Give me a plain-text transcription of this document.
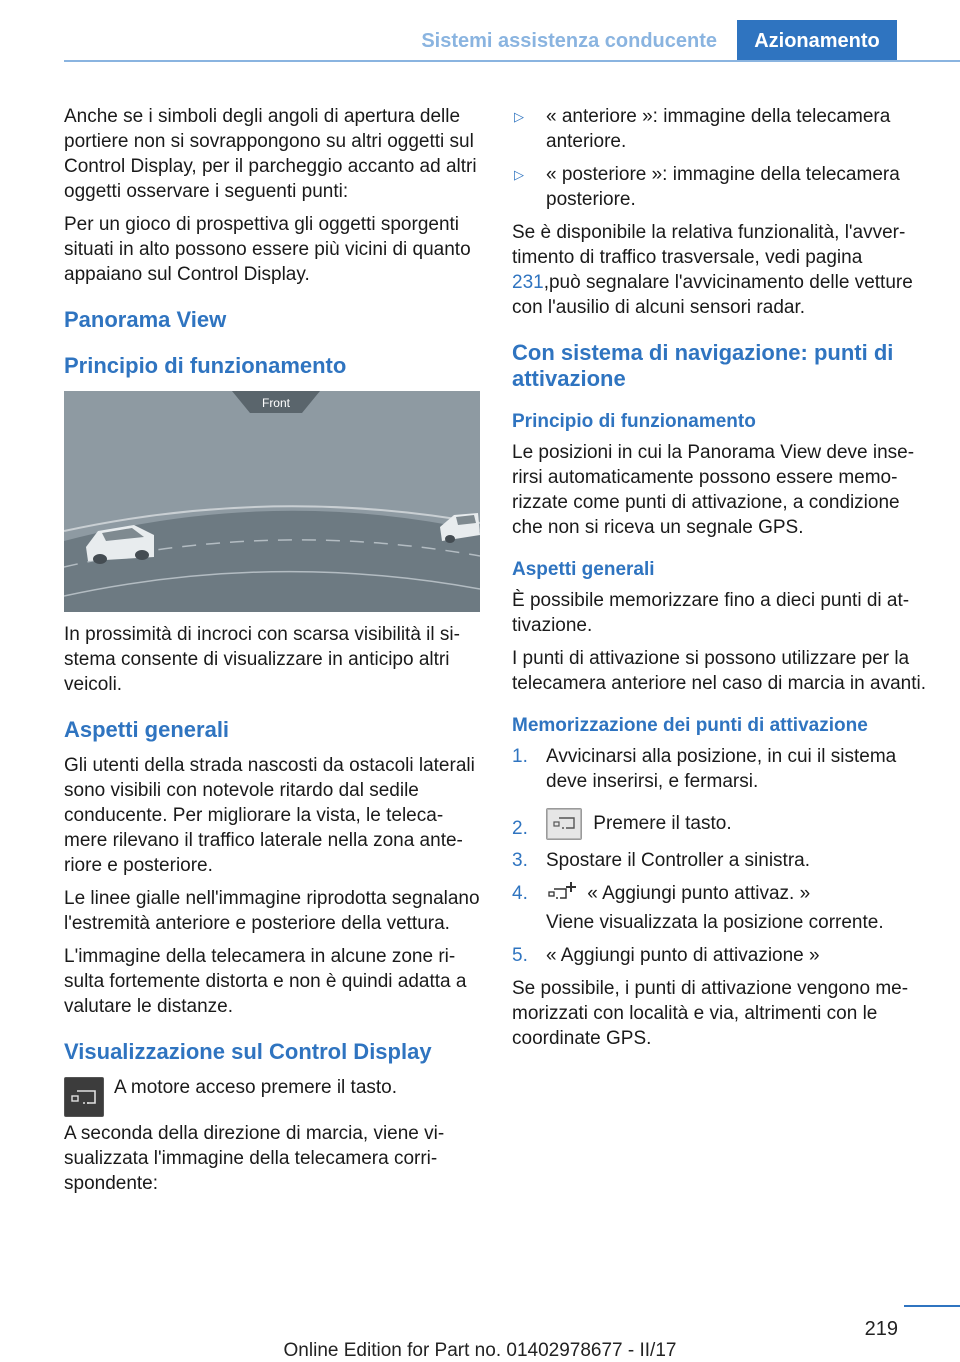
Sistemi assistenza conducente	Azionamento

Anche se i simboli degli angoli di apertura delle portiere non si sovrappongono su altri oggetti sul Control Display, per il parcheggio accanto ad altri oggetti osservare i seguenti punti:

Per un gioco di prospettiva gli oggetti sporgenti situati in alto possono essere più vicini di quanto appaiano sul Control Display.

Panorama View
Principio di funzionamento
Front

In prossimità di incroci con scarsa visibilità il sistema consente di visualizzare in anticipo altri veicoli.

Aspetti generali

Gli utenti della strada nascosti da ostacoli laterali sono visibili con notevole ritardo dal sedile conducente. Per migliorare la vista, le telecamere rilevano il traffico laterale nella zona anteriore e posteriore.

Le linee gialle nell'immagine riprodotta segnalano l'estremità anteriore e posteriore della vettura.

L'immagine della telecamera in alcune zone risulta fortemente distorta e non è quindi adatta a valutare le distanze.

Visualizzazione sul Control Display

A motore acceso premere il tasto.

A seconda della direzione di marcia, viene visualizzata l'immagine della telecamera corrispondente:

▷ « anteriore »: immagine della telecamera anteriore.
▷ « posteriore »: immagine della telecamera posteriore.

Se è disponibile la relativa funzionalità, l'avvertimento di traffico trasversale, vedi pagina 231,può segnalare l'avvicinamento delle vetture con l'ausilio di alcuni sensori radar.

Con sistema di navigazione: punti di attivazione
Principio di funzionamento

Le posizioni in cui la Panorama View deve inserirsi automaticamente possono essere memorizzate come punti di attivazione, a condizione che non si riceva un segnale GPS.

Aspetti generali

È possibile memorizzare fino a dieci punti di attivazione.

I punti di attivazione si possono utilizzare per la telecamera anteriore nel caso di marcia in avanti.

Memorizzazione dei punti di attivazione
1. Avvicinarsi alla posizione, in cui il sistema deve inserirsi, e fermarsi.
2.	Premere il tasto.
3. Spostare il Controller a sinistra.
4.	« Aggiungi punto attivaz. »
Viene visualizzata la posizione corrente.
5. « Aggiungi punto di attivazione »

Se possibile, i punti di attivazione vengono memorizzati con località e via, altrimenti con le coordinate GPS.

219
Online Edition for Part no. 01402978677 - II/17
